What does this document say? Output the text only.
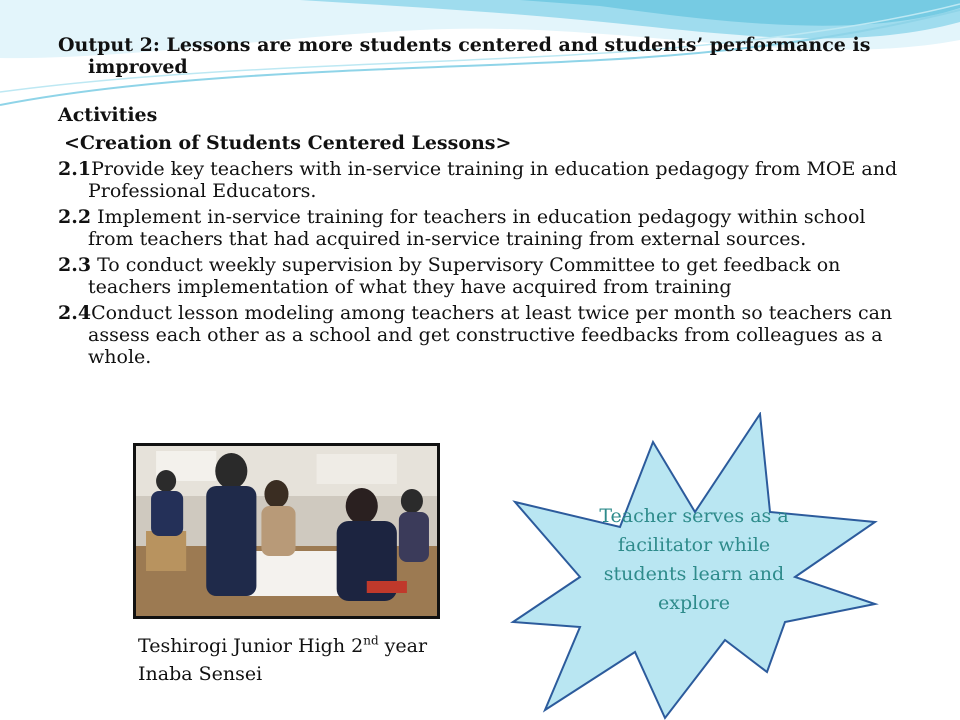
Output 2: Lessons are more students centered and students’ performance is improved

Activities

<Creation of Students Centered Lessons>

2.1Provide key teachers with in-service training in education pedagogy from MOE and Professional Educators.

2.2 Implement in-service training for teachers in education pedagogy within school from teachers that had acquired in-service training from external sources.

2.3 To conduct weekly supervision by Supervisory Committee to get feedback on teachers implementation of what they have acquired from training

2.4Conduct lesson modeling among teachers at least twice per month so teachers can assess each other as a school and get constructive feedbacks from colleagues as a whole.

Teshirogi Junior High 2nd year
Inaba Sensei
Teacher serves as a facilitator while students learn and explore
